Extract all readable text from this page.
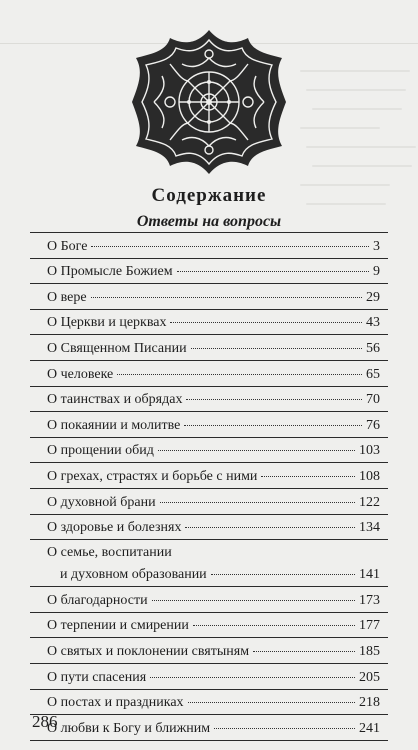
Содержание
Ответы на вопросы
О Боге	3
О Промысле Божием	9
О вере	29
О Церкви и церквах	43
О Священном Писании	56
О человеке	65
О таинствах и обрядах	70
О покаянии и молитве	76
О прощении обид	103
О грехах, страстях и борьбе с ними	108
О духовной брани	122
О здоровье и болезнях	134
О семье, воспитании
и духовном образовании	141
О благодарности	173
О терпении и смирении	177
О святых и поклонении святыням	185
О пути спасения	205
О постах и праздниках	218
О любви к Богу и ближним	241
286
